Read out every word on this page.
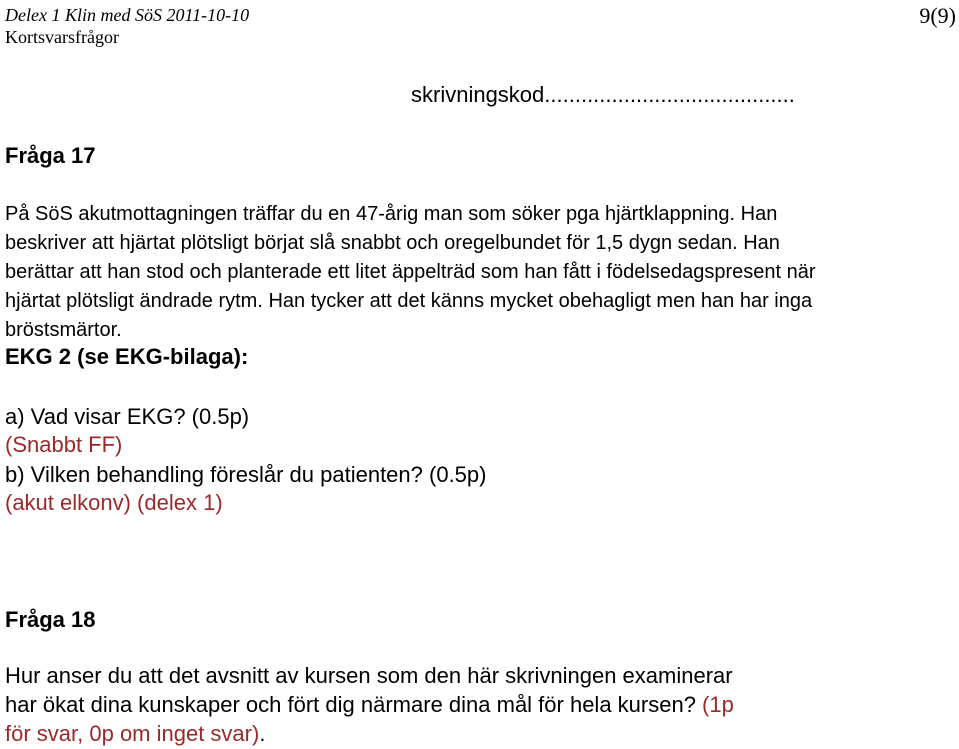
Delex 1 Klin med SöS 2011-10-10
Kortsvarsfrågor
9(9)
skrivningskod.........................................
Fråga 17
På SöS akutmottagningen träffar du en 47-årig man som söker pga hjärtklappning. Han
beskriver att hjärtat plötsligt börjat slå snabbt och oregelbundet för 1,5 dygn sedan. Han
berättar att han stod och planterade ett litet äppelträd som han fått i födelsedagspresent när
hjärtat plötsligt ändrade rytm. Han tycker att det känns mycket obehagligt men han har inga
bröstsmärtor.
EKG 2 (se EKG-bilaga):
a) Vad visar EKG? (0.5p)
(Snabbt FF)
b) Vilken behandling föreslår du patienten? (0.5p)
(akut elkonv) (delex 1)
Fråga 18
Hur anser du att det avsnitt av kursen som den här skrivningen examinerar
har ökat dina kunskaper och fört dig närmare dina mål för hela kursen? (1p
för svar, 0p om inget svar).
